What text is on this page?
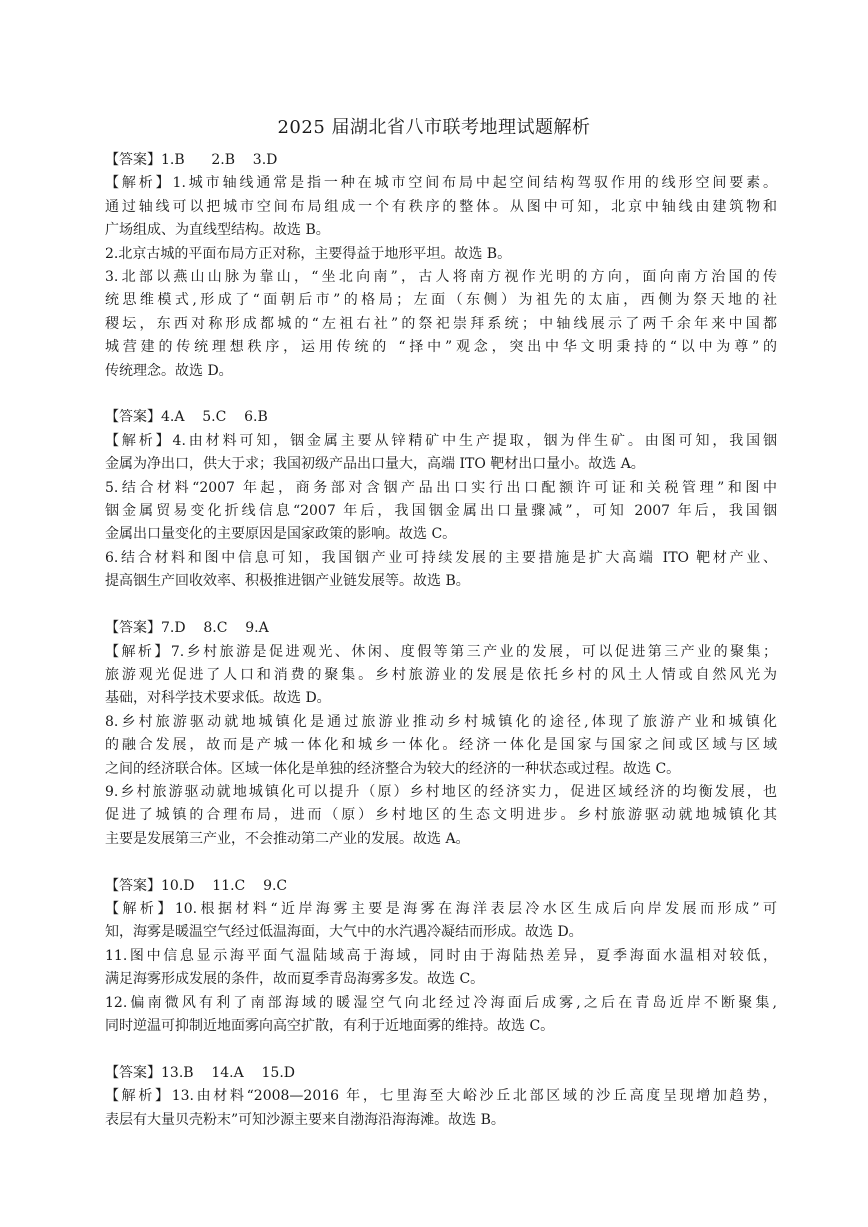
2025 届湖北省八市联考地理试题解析
【答案】1.B      2.B    3.D
【解析】1.城市轴线通常是指一种在城市空间布局中起空间结构驾驭作用的线形空间要素。
通过轴线可以把城市空间布局组成一个有秩序的整体。从图中可知，北京中轴线由建筑物和
广场组成、为直线型结构。故选 B。
2.北京古城的平面布局方正对称，主要得益于地形平坦。故选 B。
3.北部以燕山山脉为靠山，“坐北向南”，古人将南方视作光明的方向，面向南方治国的传
统思维模式,形成了“面朝后市”的格局；左面（东侧）为祖先的太庙，西侧为祭天地的社
稷坛，东西对称形成都城的“左祖右社”的祭祀崇拜系统；中轴线展示了两千余年来中国都
城营建的传统理想秩序，运用传统的 “择中”观念，突出中华文明秉持的“以中为尊”的
传统理念。故选 D。
【答案】4.A    5.C    6.B
【解析】4.由材料可知，铟金属主要从锌精矿中生产提取，铟为伴生矿。由图可知，我国铟
金属为净出口，供大于求；我国初级产品出口量大，高端 ITO 靶材出口量小。故选 A。
5.结合材料“2007 年起，商务部对含铟产品出口实行出口配额许可证和关税管理”和图中
铟金属贸易变化折线信息“2007 年后，我国铟金属出口量骤减”，可知 2007 年后，我国铟
金属出口量变化的主要原因是国家政策的影响。故选 C。
6.结合材料和图中信息可知，我国铟产业可持续发展的主要措施是扩大高端 ITO 靶材产业、
提高铟生产回收效率、积极推进铟产业链发展等。故选 B。
【答案】7.D    8.C    9.A
【解析】7.乡村旅游是促进观光、休闲、度假等第三产业的发展，可以促进第三产业的聚集；
旅游观光促进了人口和消费的聚集。乡村旅游业的发展是依托乡村的风土人情或自然风光为
基础，对科学技术要求低。故选 D。
8.乡村旅游驱动就地城镇化是通过旅游业推动乡村城镇化的途径,体现了旅游产业和城镇化
的融合发展，故而是产城一体化和城乡一体化。经济一体化是国家与国家之间或区域与区域
之间的经济联合体。区域一体化是单独的经济整合为较大的经济的一种状态或过程。故选 C。
9.乡村旅游驱动就地城镇化可以提升（原）乡村地区的经济实力，促进区域经济的均衡发展，也
促进了城镇的合理布局，进而（原）乡村地区的生态文明进步。乡村旅游驱动就地城镇化其
主要是发展第三产业，不会推动第二产业的发展。故选 A。
【答案】10.D    11.C    9.C
【解析】10.根据材料“近岸海雾主要是海雾在海洋表层冷水区生成后向岸发展而形成”可
知，海雾是暖温空气经过低温海面，大气中的水汽遇冷凝结而形成。故选 D。
11.图中信息显示海平面气温陆域高于海域，同时由于海陆热差异，夏季海面水温相对较低，
满足海雾形成发展的条件，故而夏季青岛海雾多发。故选 C。
12.偏南微风有利了南部海域的暖湿空气向北经过冷海面后成雾,之后在青岛近岸不断聚集,
同时逆温可抑制近地面雾向高空扩散，有利于近地面雾的维持。故选 C。
【答案】13.B    14.A    15.D
【解析】13.由材料“2008—2016 年，七里海至大峪沙丘北部区域的沙丘高度呈现增加趋势，
表层有大量贝壳粉末”可知沙源主要来自渤海沿海海滩。故选 B。
